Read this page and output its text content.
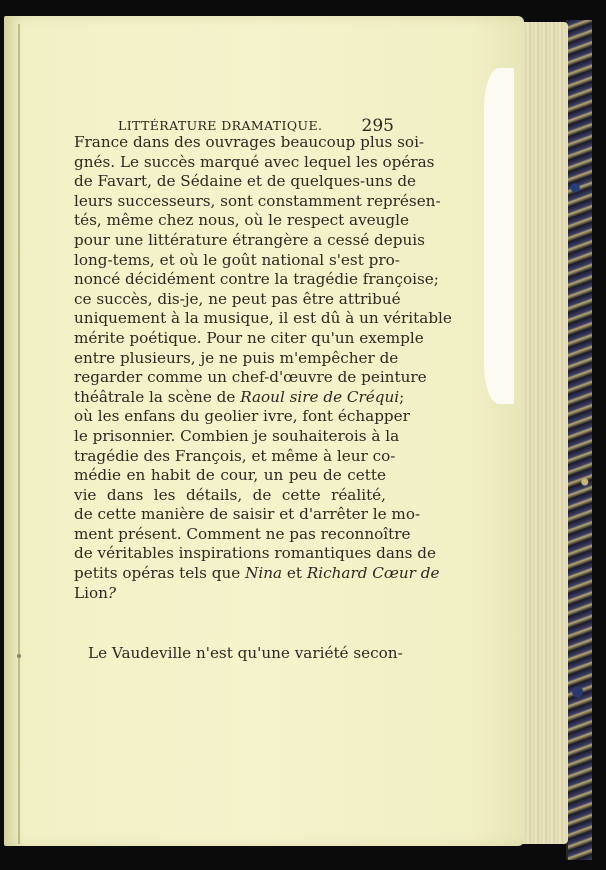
LITTÉRATURE DRAMATIQUE. 295
France dans des ouvrages beaucoup plus soi-
gnés. Le succès marqué avec lequel les opéras
de Favart, de Sédaine et de quelques-uns de
leurs successeurs, sont constamment représen-
tés, même chez nous, où le respect aveugle
pour une littérature étrangère a cessé depuis
long-tems, et où le goût national s'est pro-
noncé décidément contre la tragédie françoise;
ce succès, dis-je, ne peut pas être attribué
uniquement à la musique, il est dû à un véritable
mérite poétique. Pour ne citer qu'un exemple
entre plusieurs, je ne puis m'empêcher de
regarder comme un chef-d'œuvre de peinture
théâtrale la scène de Raoul sire de Créqui;
où les enfans du geolier ivre, font échapper
le prisonnier. Combien je souhaiterois à la
tragédie des François, et même à leur co-
médie en habit de cour, un peu de cette
vie dans les détails, de cette réalité,
de cette manière de saisir et d'arrêter le mo-
ment présent. Comment ne pas reconnoître
de véritables inspirations romantiques dans de
petits opéras tels que Nina et Richard Cœur de
Lion?
Le Vaudeville n'est qu'une variété secon-
